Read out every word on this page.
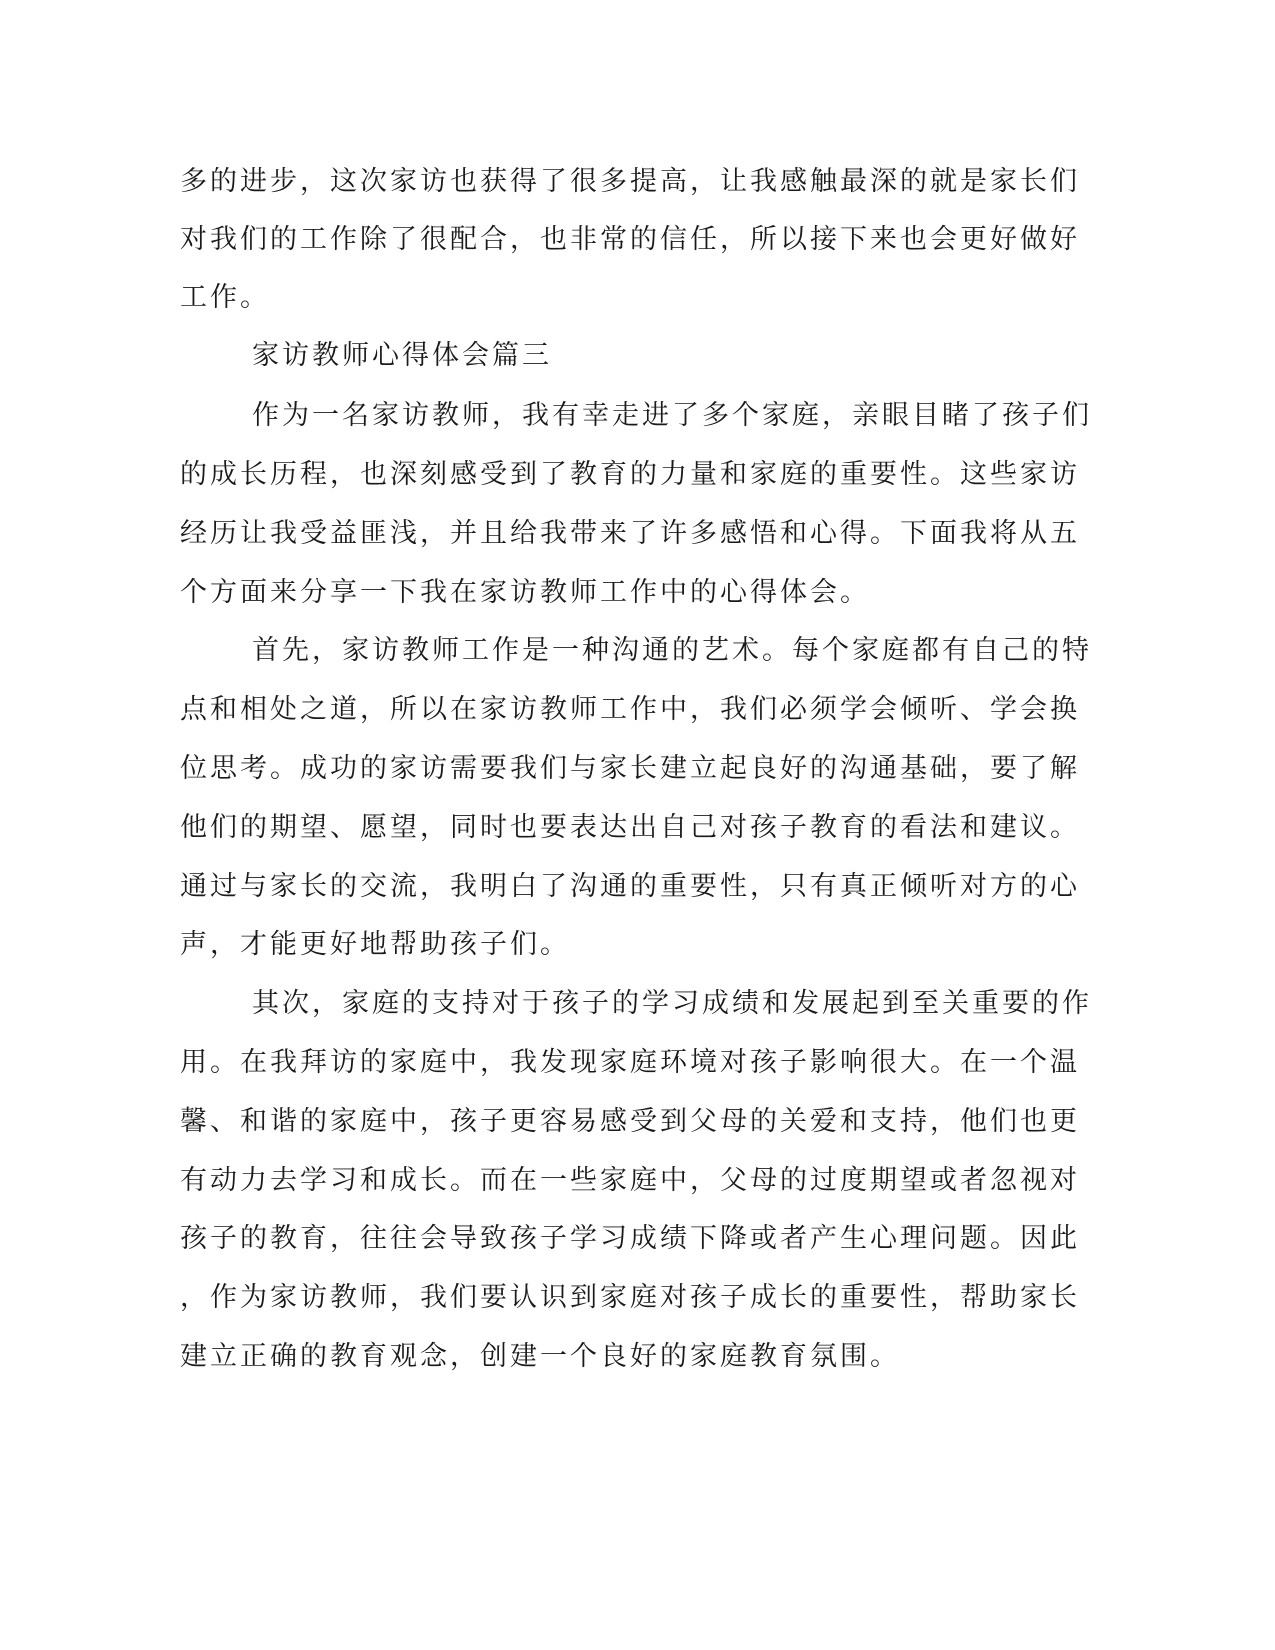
多的进步，这次家访也获得了很多提高，让我感触最深的就是家长们
对我们的工作除了很配合，也非常的信任，所以接下来也会更好做好
工作。
家访教师心得体会篇三
作为一名家访教师，我有幸走进了多个家庭，亲眼目睹了孩子们
的成长历程，也深刻感受到了教育的力量和家庭的重要性。这些家访
经历让我受益匪浅，并且给我带来了许多感悟和心得。下面我将从五
个方面来分享一下我在家访教师工作中的心得体会。
首先，家访教师工作是一种沟通的艺术。每个家庭都有自己的特
点和相处之道，所以在家访教师工作中，我们必须学会倾听、学会换
位思考。成功的家访需要我们与家长建立起良好的沟通基础，要了解
他们的期望、愿望，同时也要表达出自己对孩子教育的看法和建议。
通过与家长的交流，我明白了沟通的重要性，只有真正倾听对方的心
声，才能更好地帮助孩子们。
其次，家庭的支持对于孩子的学习成绩和发展起到至关重要的作
用。在我拜访的家庭中，我发现家庭环境对孩子影响很大。在一个温
馨、和谐的家庭中，孩子更容易感受到父母的关爱和支持，他们也更
有动力去学习和成长。而在一些家庭中，父母的过度期望或者忽视对
孩子的教育，往往会导致孩子学习成绩下降或者产生心理问题。因此
，作为家访教师，我们要认识到家庭对孩子成长的重要性，帮助家长
建立正确的教育观念，创建一个良好的家庭教育氛围。
